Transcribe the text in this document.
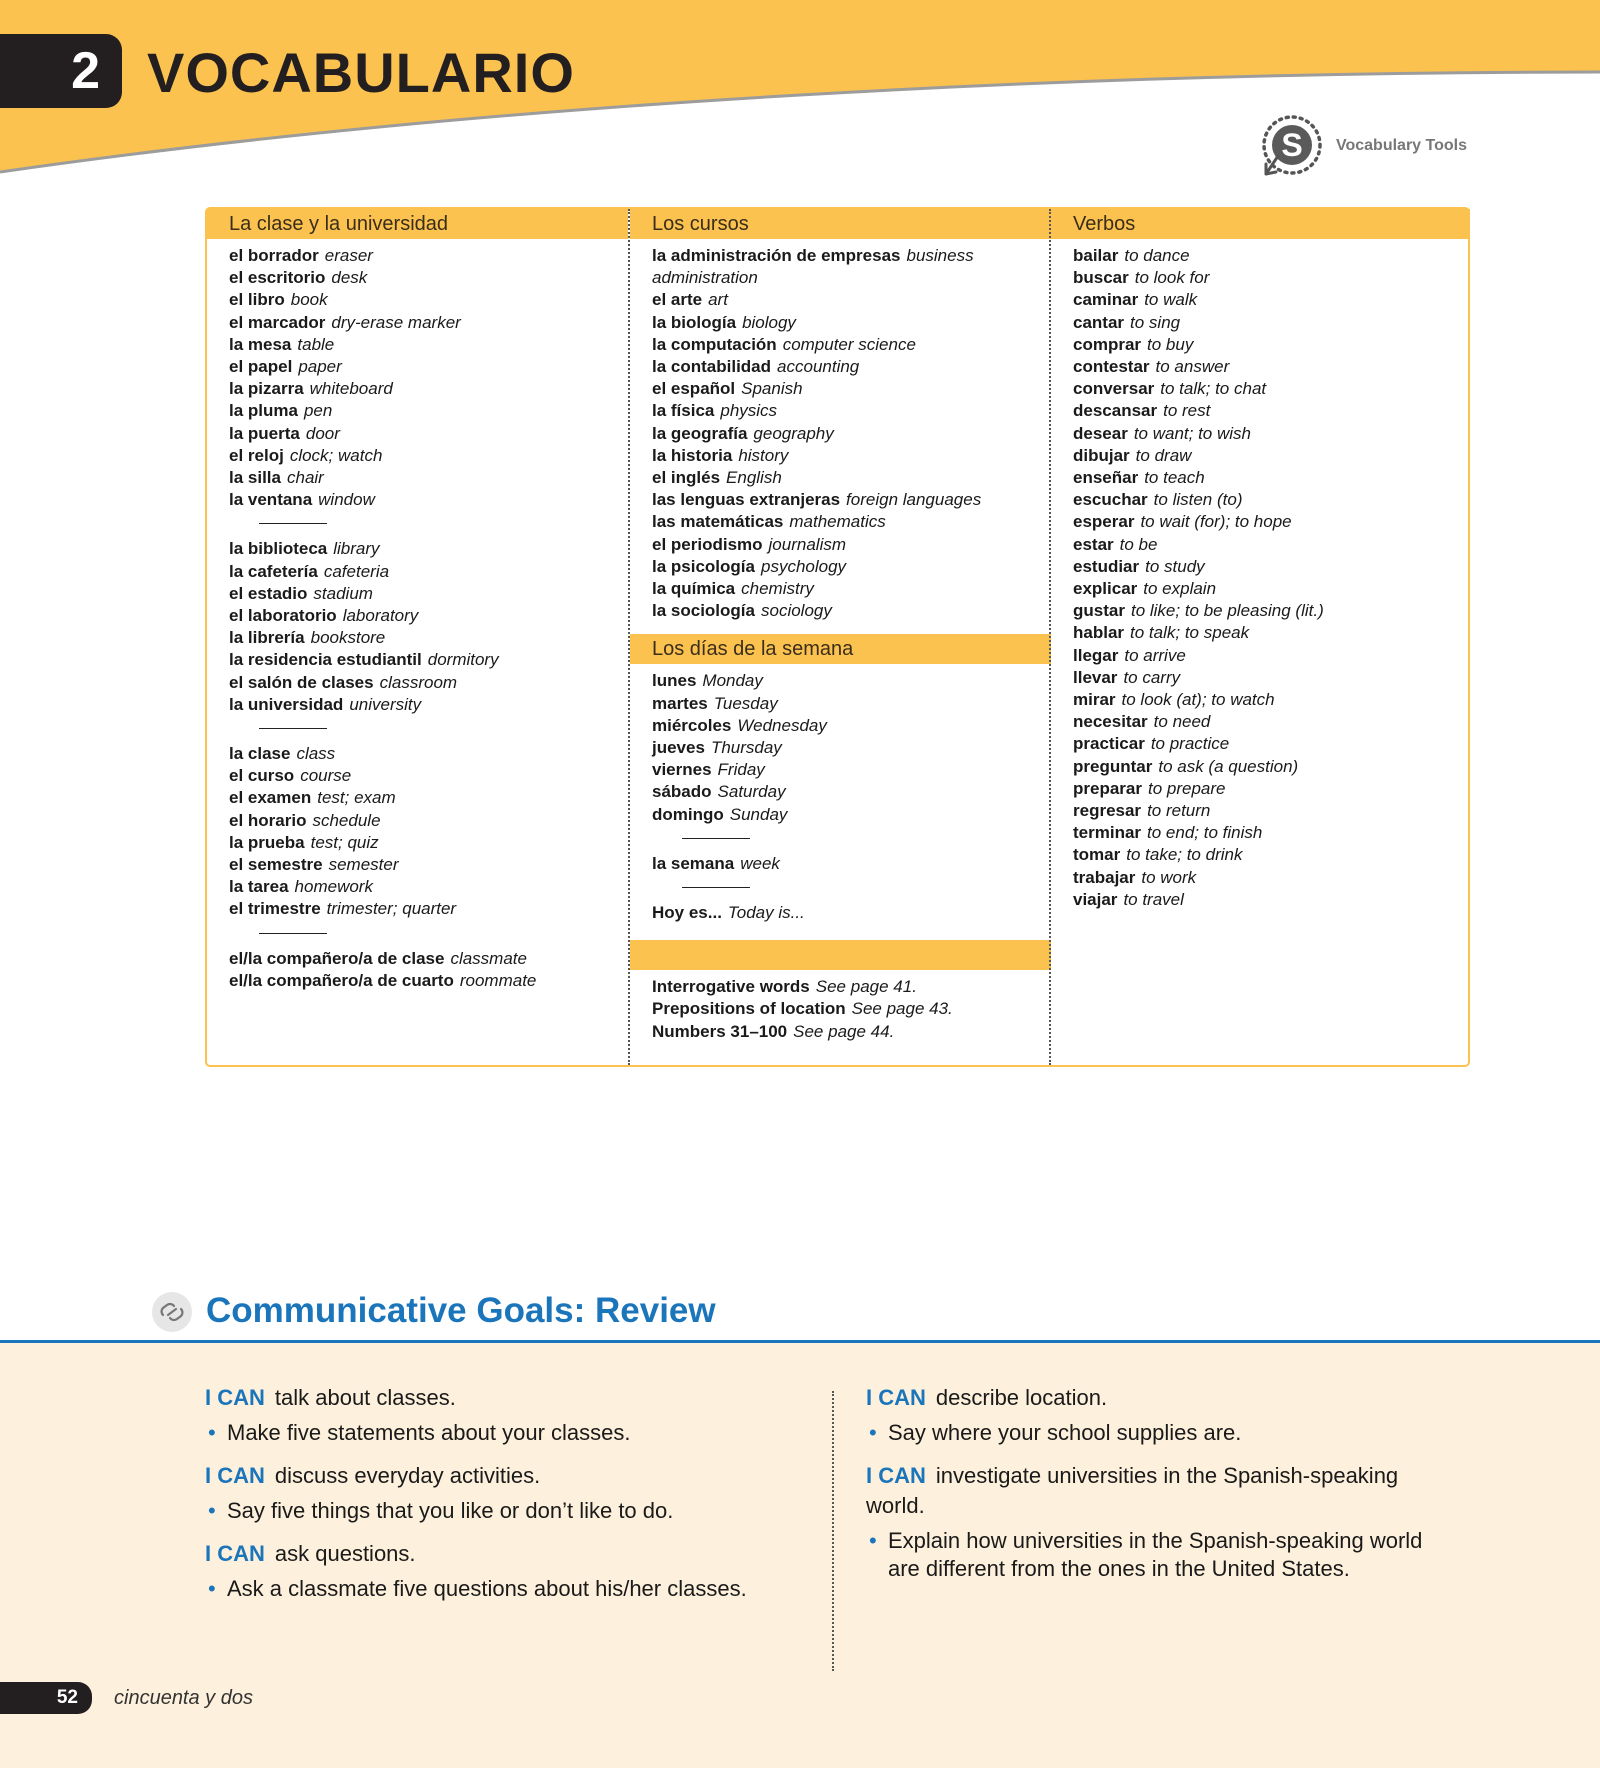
2 VOCABULARIO
S Vocabulary Tools
La clase y la universidad
el borrador eraser
el escritorio desk
el libro book
el marcador dry-erase marker
la mesa table
el papel paper
la pizarra whiteboard
la pluma pen
la puerta door
el reloj clock; watch
la silla chair
la ventana window
la biblioteca library
la cafetería cafeteria
el estadio stadium
el laboratorio laboratory
la librería bookstore
la residencia estudiantil dormitory
el salón de clases classroom
la universidad university
la clase class
el curso course
el examen test; exam
el horario schedule
la prueba test; quiz
el semestre semester
la tarea homework
el trimestre trimester; quarter
el/la compañero/a de clase classmate
el/la compañero/a de cuarto roommate
Los cursos
la administración de empresas business administration
el arte art
la biología biology
la computación computer science
la contabilidad accounting
el español Spanish
la física physics
la geografía geography
la historia history
el inglés English
las lenguas extranjeras foreign languages
las matemáticas mathematics
el periodismo journalism
la psicología psychology
la química chemistry
la sociología sociology
Los días de la semana
lunes Monday
martes Tuesday
miércoles Wednesday
jueves Thursday
viernes Friday
sábado Saturday
domingo Sunday
la semana week
Hoy es... Today is...
Interrogative words See page 41.
Prepositions of location See page 43.
Numbers 31–100 See page 44.
Verbos
bailar to dance
buscar to look for
caminar to walk
cantar to sing
comprar to buy
contestar to answer
conversar to talk; to chat
descansar to rest
desear to want; to wish
dibujar to draw
enseñar to teach
escuchar to listen (to)
esperar to wait (for); to hope
estar to be
estudiar to study
explicar to explain
gustar to like; to be pleasing (lit.)
hablar to talk; to speak
llegar to arrive
llevar to carry
mirar to look (at); to watch
necesitar to need
practicar to practice
preguntar to ask (a question)
preparar to prepare
regresar to return
terminar to end; to finish
tomar to take; to drink
trabajar to work
viajar to travel
Communicative Goals: Review
I CAN talk about classes.
• Make five statements about your classes.
I CAN discuss everyday activities.
• Say five things that you like or don’t like to do.
I CAN ask questions.
• Ask a classmate five questions about his/her classes.
I CAN describe location.
• Say where your school supplies are.
I CAN investigate universities in the Spanish-speaking world.
• Explain how universities in the Spanish-speaking world are different from the ones in the United States.
52	cincuenta y dos
